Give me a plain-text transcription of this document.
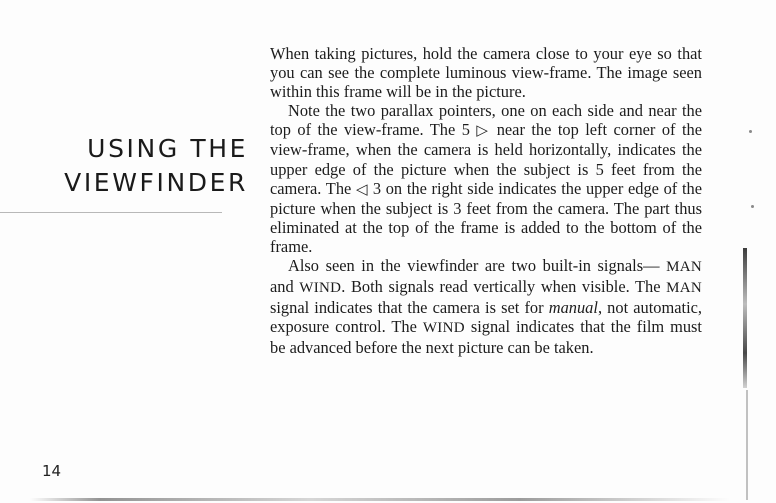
USING THE
VIEWFINDER

When taking pictures, hold the camera close to your eye so that you can see the complete luminous view-frame. The image seen within this frame will be in the picture.

Note the two parallax pointers, one on each side and near the top of the view-frame. The 5 ▷ near the top left corner of the view-frame, when the camera is held horizontally, indicates the upper edge of the picture when the subject is 5 feet from the camera. The ◁ 3 on the right side indicates the upper edge of the picture when the subject is 3 feet from the camera. The part thus eliminated at the top of the frame is added to the bottom of the frame.

Also seen in the viewfinder are two built-in signals— MAN and WIND. Both signals read vertically when visible. The MAN signal indicates that the camera is set for manual, not automatic, exposure control. The WIND signal indicates that the film must be advanced before the next picture can be taken.

14
